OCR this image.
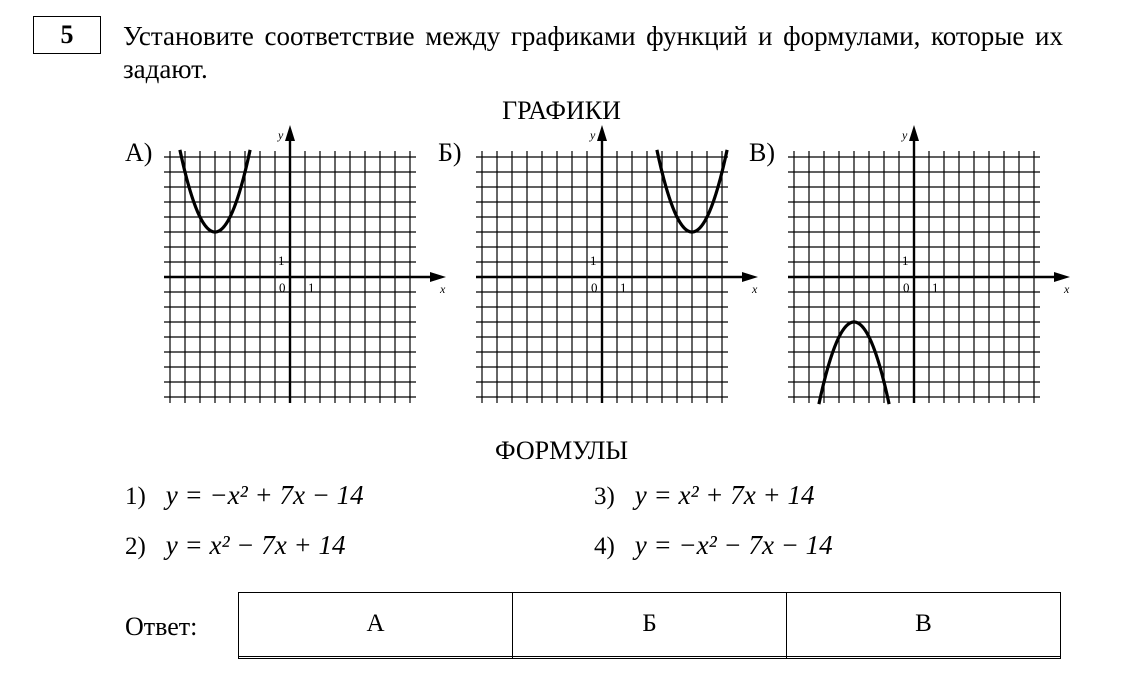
5	Установите соответствие между графиками функций и формулами, которые их задают.
ГРАФИКИ
А)	Б)	В)
x
y
0 1
1
x
y
0 1
1
x
y
0 1
1
ФОРМУЛЫ
1) y = −x² + 7x − 14
2) y = x² − 7x + 14
3) y = x² + 7x + 14
4) y = −x² − 7x − 14
Ответ:	А	Б	В
